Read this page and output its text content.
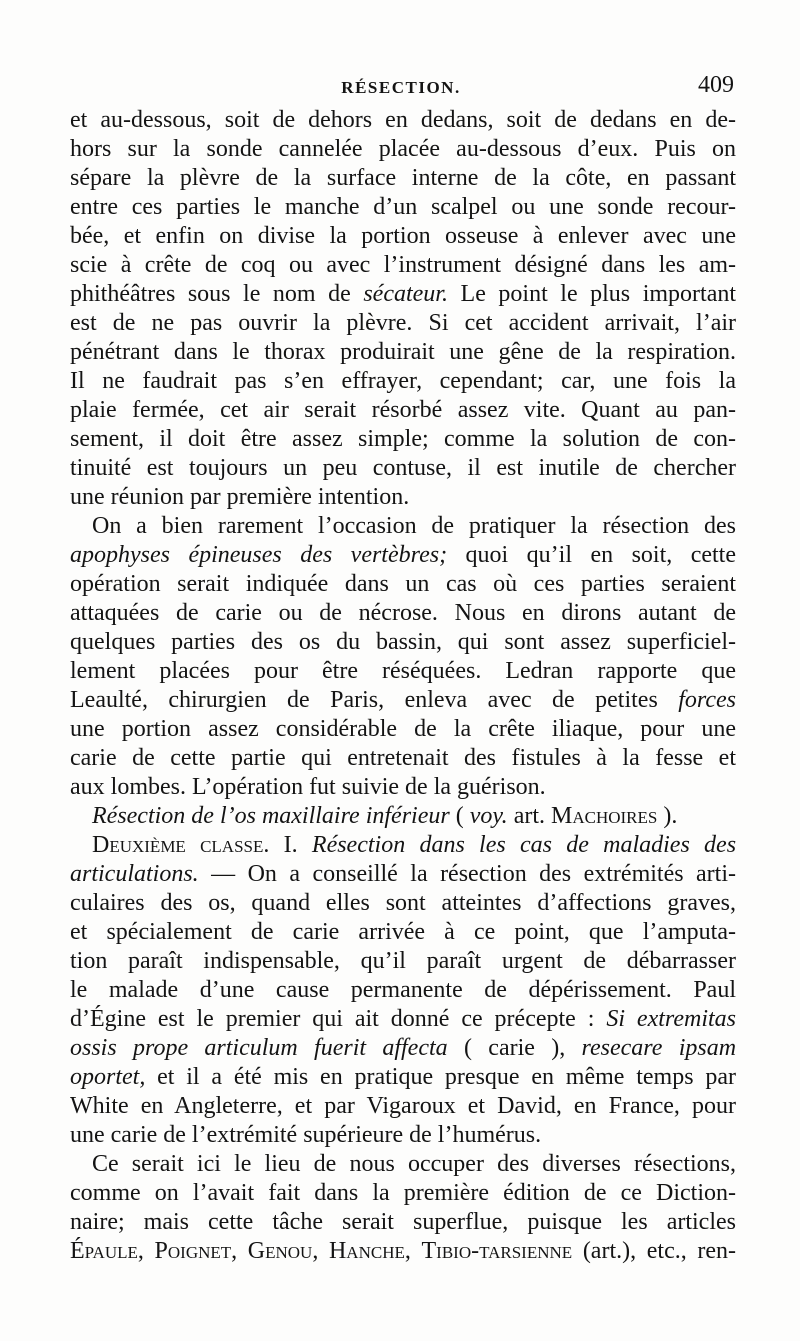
RÉSECTION.	409
et au-dessous, soit de dehors en dedans, soit de dedans en de-
hors sur la sonde cannelée placée au-dessous d’eux. Puis on
sépare la plèvre de la surface interne de la côte, en passant
entre ces parties le manche d’un scalpel ou une sonde recour-
bée, et enfin on divise la portion osseuse à enlever avec une
scie à crête de coq ou avec l’instrument désigné dans les am-
phithéâtres sous le nom de sécateur. Le point le plus important
est de ne pas ouvrir la plèvre. Si cet accident arrivait, l’air
pénétrant dans le thorax produirait une gêne de la respiration.
Il ne faudrait pas s’en effrayer, cependant; car, une fois la
plaie fermée, cet air serait résorbé assez vite. Quant au pan-
sement, il doit être assez simple; comme la solution de con-
tinuité est toujours un peu contuse, il est inutile de chercher
une réunion par première intention.
On a bien rarement l’occasion de pratiquer la résection des
apophyses épineuses des vertèbres; quoi qu’il en soit, cette
opération serait indiquée dans un cas où ces parties seraient
attaquées de carie ou de nécrose. Nous en dirons autant de
quelques parties des os du bassin, qui sont assez superficiel-
lement placées pour être réséquées. Ledran rapporte que
Leaulté, chirurgien de Paris, enleva avec de petites forces
une portion assez considérable de la crête iliaque, pour une
carie de cette partie qui entretenait des fistules à la fesse et
aux lombes. L’opération fut suivie de la guérison.
Résection de l’os maxillaire inférieur ( voy. art. Machoires ).
Deuxième classe. I. Résection dans les cas de maladies des
articulations. — On a conseillé la résection des extrémités arti-
culaires des os, quand elles sont atteintes d’affections graves,
et spécialement de carie arrivée à ce point, que l’amputa-
tion paraît indispensable, qu’il paraît urgent de débarrasser
le malade d’une cause permanente de dépérissement. Paul
d’Égine est le premier qui ait donné ce précepte : Si extremitas
ossis prope articulum fuerit affecta ( carie ), resecare ipsam
oportet, et il a été mis en pratique presque en même temps par
White en Angleterre, et par Vigaroux et David, en France, pour
une carie de l’extrémité supérieure de l’humérus.
Ce serait ici le lieu de nous occuper des diverses résections,
comme on l’avait fait dans la première édition de ce Diction-
naire; mais cette tâche serait superflue, puisque les articles
Épaule, Poignet, Genou, Hanche, Tibio-tarsienne (art.), etc., ren-
